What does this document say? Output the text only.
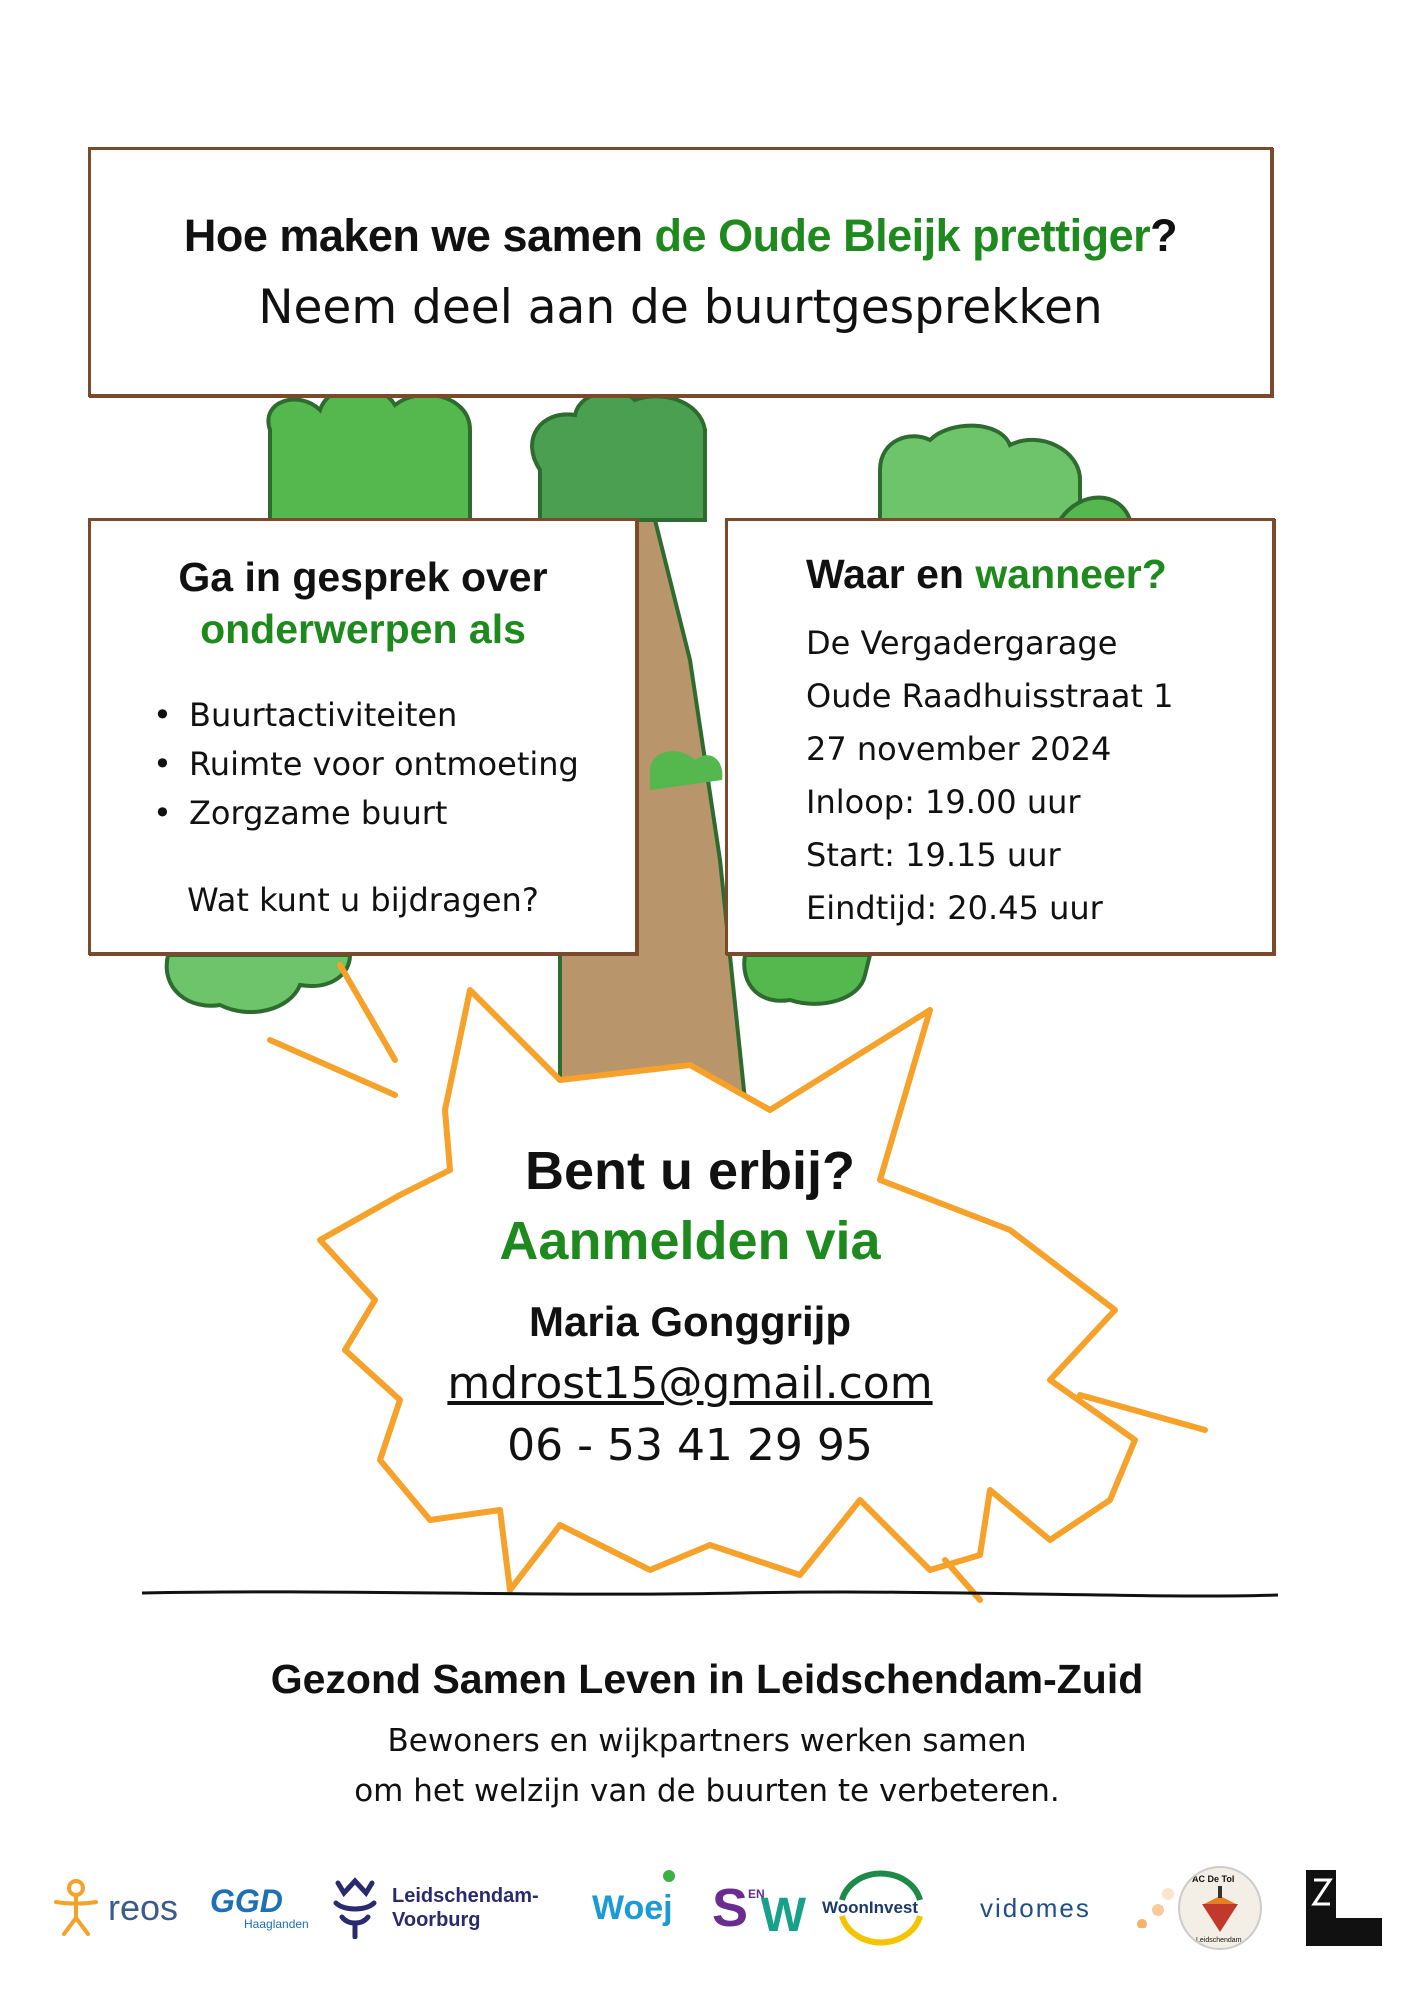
Hoe maken we samen de Oude Bleijk prettiger?
Neem deel aan de buurtgesprekken
Ga in gesprek over
onderwerpen als
• Buurtactiviteiten
• Ruimte voor ontmoeting
• Zorgzame buurt
Wat kunt u bijdragen?
Waar en wanneer?
De Vergadergarage
Oude Raadhuisstraat 1
27 november 2024
Inloop: 19.00 uur
Start: 19.15 uur
Eindtijd: 20.45 uur
Bent u erbij?
Aanmelden via
Maria Gonggrijp
mdrost15@gmail.com
06 - 53 41 29 95
Gezond Samen Leven in Leidschendam-Zuid
Bewoners en wijkpartners werken samen
om het welzijn van de buurten te verbeteren.
reos GGD
Haaglanden
Leidschendam-
Voorburg	Woej S EN
W WoonInvest vidomes
AC De Tol
Leidschendam
